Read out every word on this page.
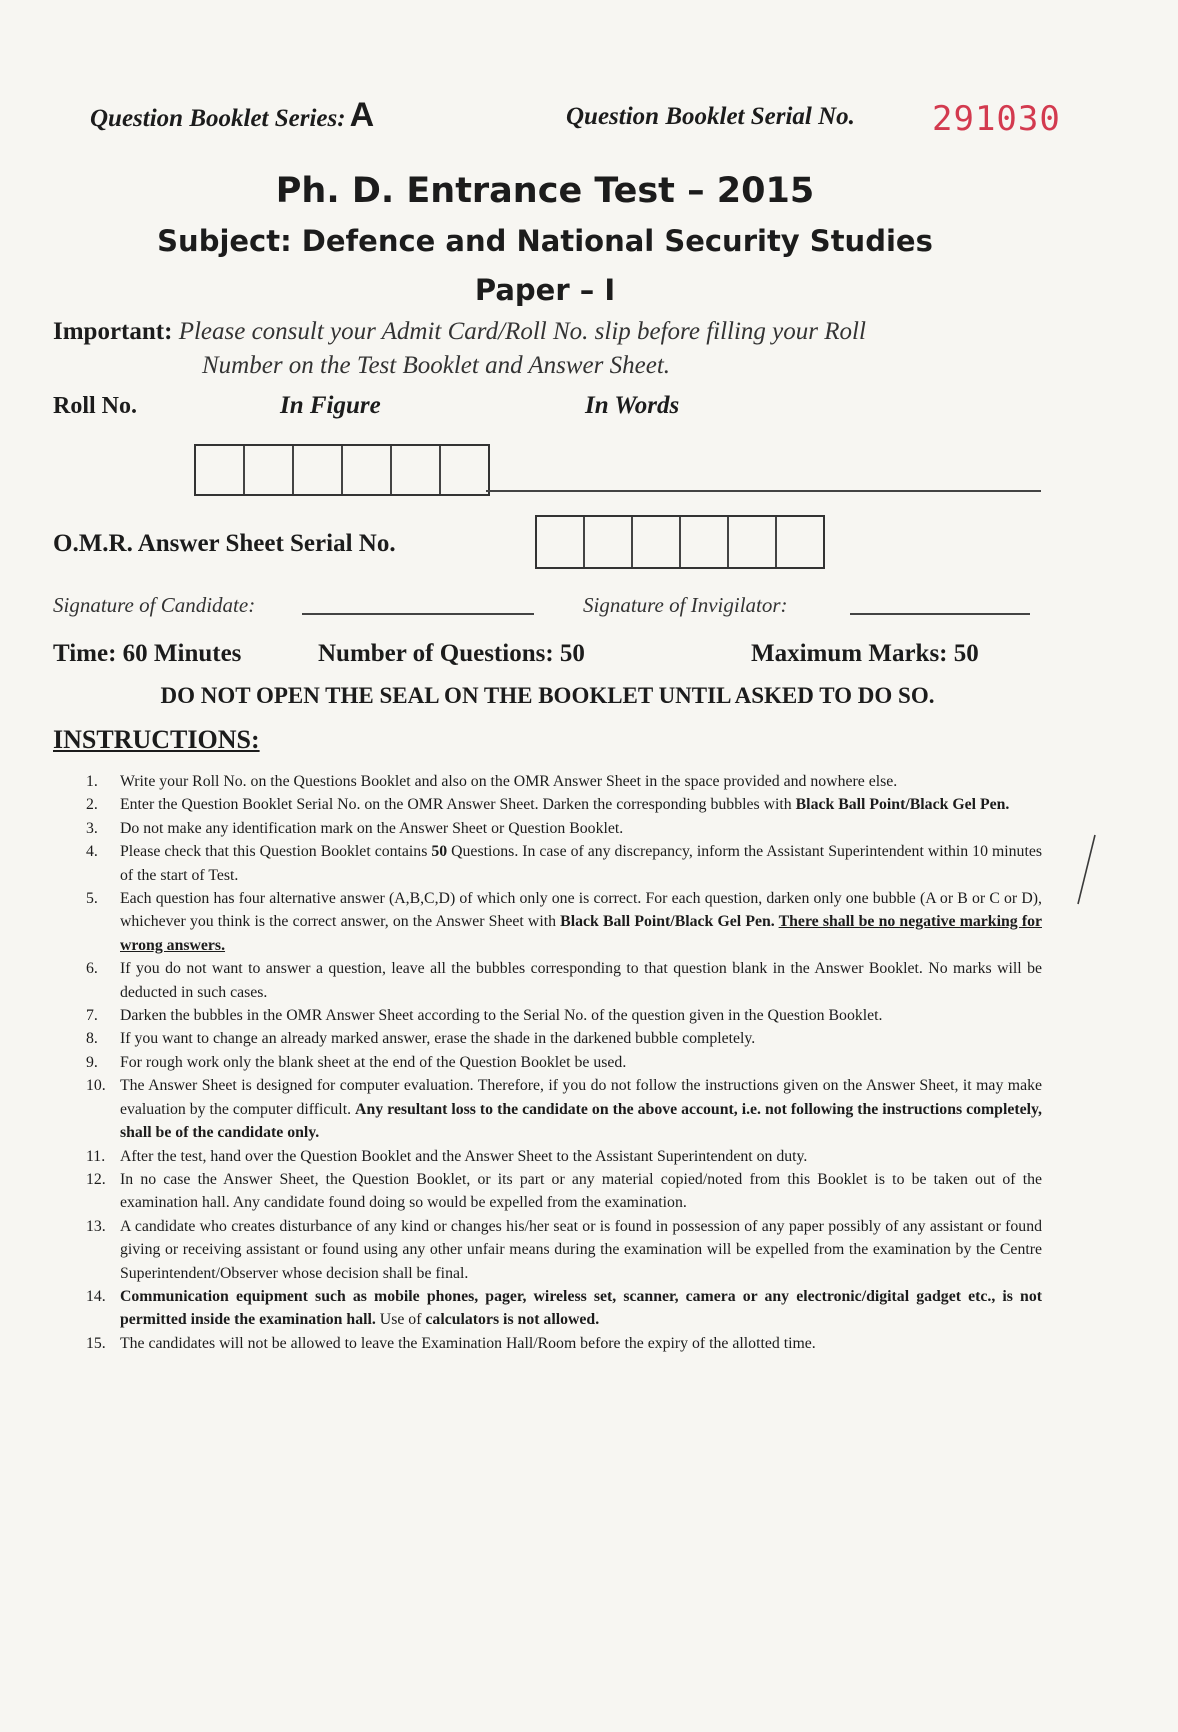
Question Booklet Series: A	Question Booklet Serial No. 291030
Ph. D. Entrance Test – 2015
Subject: Defence and National Security Studies
Paper – I
Important: Please consult your Admit Card/Roll No. slip before filling your Roll
Number on the Test Booklet and Answer Sheet.
Roll No.	In Figure	In Words
O.M.R. Answer Sheet Serial No.
Signature of Candidate:	Signature of Invigilator:
Time: 60 Minutes	Number of Questions: 50	Maximum Marks: 50
DO NOT OPEN THE SEAL ON THE BOOKLET UNTIL ASKED TO DO SO.
INSTRUCTIONS:
1.	Write your Roll No. on the Questions Booklet and also on the OMR Answer Sheet in the space provided and nowhere else.
2.	Enter the Question Booklet Serial No. on the OMR Answer Sheet. Darken the corresponding bubbles with Black Ball Point/Black Gel Pen.
3.	Do not make any identification mark on the Answer Sheet or Question Booklet.
4.	Please check that this Question Booklet contains 50 Questions. In case of any discrepancy, inform the Assistant Superintendent within 10 minutes of the start of Test.
5.	Each question has four alternative answer (A,B,C,D) of which only one is correct. For each question, darken only one bubble (A or B or C or D), whichever you think is the correct answer, on the Answer Sheet with Black Ball Point/Black Gel Pen. There shall be no negative marking for wrong answers.
6.	If you do not want to answer a question, leave all the bubbles corresponding to that question blank in the Answer Booklet. No marks will be deducted in such cases.
7.	Darken the bubbles in the OMR Answer Sheet according to the Serial No. of the question given in the Question Booklet.
8.	If you want to change an already marked answer, erase the shade in the darkened bubble completely.
9.	For rough work only the blank sheet at the end of the Question Booklet be used.
10. The Answer Sheet is designed for computer evaluation. Therefore, if you do not follow the instructions given on the Answer Sheet, it may make evaluation by the computer difficult. Any resultant loss to the candidate on the above account, i.e. not following the instructions completely, shall be of the candidate only.
11. After the test, hand over the Question Booklet and the Answer Sheet to the Assistant Superintendent on duty.
12. In no case the Answer Sheet, the Question Booklet, or its part or any material copied/noted from this Booklet is to be taken out of the examination hall. Any candidate found doing so would be expelled from the examination.
13. A candidate who creates disturbance of any kind or changes his/her seat or is found in possession of any paper possibly of any assistant or found giving or receiving assistant or found using any other unfair means during the examination will be expelled from the examination by the Centre Superintendent/Observer whose decision shall be final.
14. Communication equipment such as mobile phones, pager, wireless set, scanner, camera or any electronic/digital gadget etc., is not permitted inside the examination hall. Use of calculators is not allowed.
15. The candidates will not be allowed to leave the Examination Hall/Room before the expiry of the allotted time.
